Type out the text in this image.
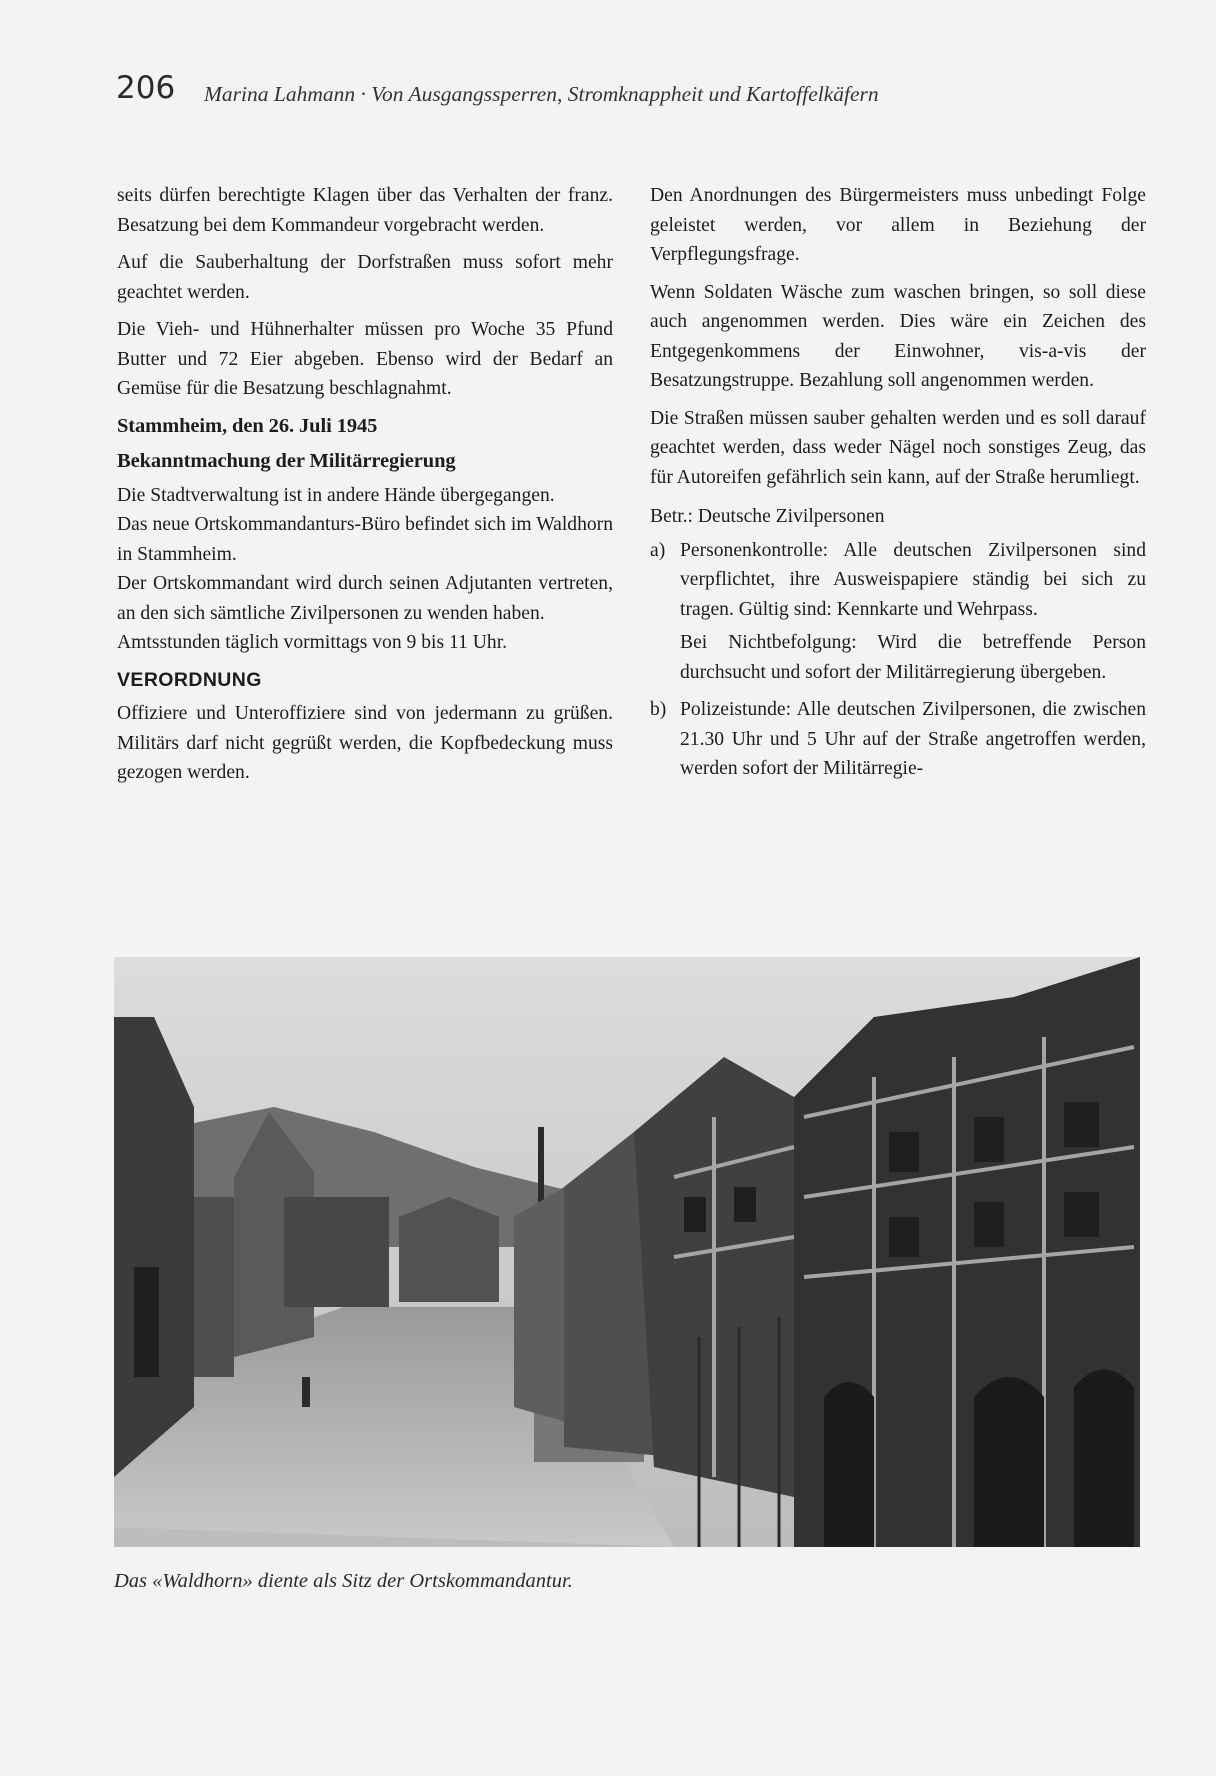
206 Marina Lahmann · Von Ausgangssperren, Stromknappheit und Kartoffelkäfern

seits dürfen berechtigte Klagen über das Verhalten der franz. Besatzung bei dem Kommandeur vorgebracht werden.

Auf die Sauberhaltung der Dorfstraßen muss sofort mehr geachtet werden.

Die Vieh- und Hühnerhalter müssen pro Woche 35 Pfund Butter und 72 Eier abgeben. Ebenso wird der Bedarf an Gemüse für die Besatzung beschlagnahmt.

Stammheim, den 26. Juli 1945
Bekanntmachung der Militärregierung

Die Stadtverwaltung ist in andere Hände übergegangen.

Das neue Ortskommandanturs-Büro befindet sich im Waldhorn in Stammheim.

Der Ortskommandant wird durch seinen Adjutanten vertreten, an den sich sämtliche Zivilpersonen zu wenden haben.

Amtsstunden täglich vormittags von 9 bis 11 Uhr.

VERORDNUNG

Offiziere und Unteroffiziere sind von jedermann zu grüßen. Militärs darf nicht gegrüßt werden, die Kopfbedeckung muss gezogen werden.

Den Anordnungen des Bürgermeisters muss unbedingt Folge geleistet werden, vor allem in Beziehung der Verpflegungsfrage.

Wenn Soldaten Wäsche zum waschen bringen, so soll diese auch angenommen werden. Dies wäre ein Zeichen des Entgegenkommens der Einwohner, vis-a-vis der Besatzungstruppe. Bezahlung soll angenommen werden.

Die Straßen müssen sauber gehalten werden und es soll darauf geachtet werden, dass weder Nägel noch sonstiges Zeug, das für Autoreifen gefährlich sein kann, auf der Straße herumliegt.

Betr.: Deutsche Zivilpersonen

a) Personenkontrolle: Alle deutschen Zivilpersonen sind verpflichtet, ihre Ausweispapiere ständig bei sich zu tragen. Gültig sind: Kennkarte und Wehrpass.

Bei Nichtbefolgung: Wird die betreffende Person durchsucht und sofort der Militärregierung übergeben.

b) Polizeistunde: Alle deutschen Zivilpersonen, die zwischen 21.30 Uhr und 5 Uhr auf der Straße angetroffen werden, werden sofort der Militärregie-

Das «Waldhorn» diente als Sitz der Ortskommandantur.
